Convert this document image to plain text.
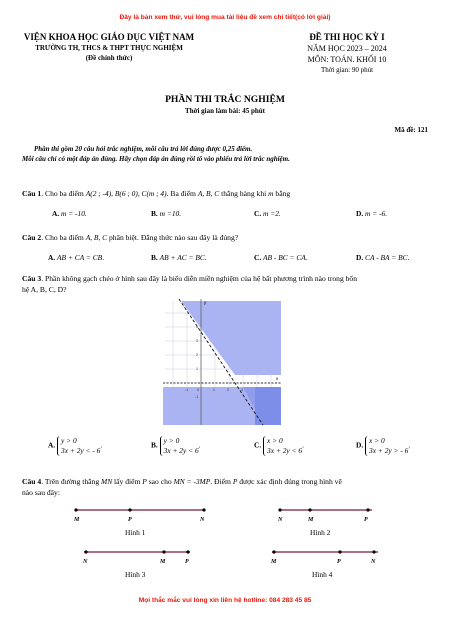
Đây là bản xem thử, vui lòng mua tài liệu đề xem chi tiết(có lời giải)
VIỆN KHOA HỌC GIÁO DỤC VIỆT NAM
TRƯỜNG TH, THCS & THPT THỰC NGHIỆM
(Đề chính thức)
ĐỀ THI HỌC KỲ I
NĂM HỌC 2023 – 2024
MÔN: TOÁN. KHỐI 10
Thời gian: 90 phút
PHẦN THI TRẮC NGHIỆM
Thời gian làm bài: 45 phút
Mã đề: 121
Phần thi gồm 20 câu hỏi trắc nghiệm, mỗi câu trả lời đúng được 0,25 điểm.
Mỗi câu chỉ có một đáp án đúng. Hãy chọn đáp án đúng rồi tô vào phiếu trả lời trắc nghiệm.
Câu 1. Cho ba điểm A(2 ; -4), B(6 ; 0), C(m ; 4). Ba điểm A, B, C thẳng hàng khi m bằng
A. m = -10.	B. m =10.	C. m =2.	D. m = -6.
Câu 2. Cho ba điểm A, B, C phân biệt. Đẳng thức nào sau đây là đúng?
A. AB + CA = CB.	B. AB + AC = BC.	C. AB - BC = CA.	D. CA - BA = BC.
Câu 3. Phần không gạch chéo ở hình sau đây là biểu diễn miền nghiệm của hệ bất phương trình nào trong bốn
hệ A, B, C, D?
y
x
-1 0	1	2	3
4
3
2
1
-1
A. y > 0
3x + 2y < - 6.	B. y > 0
3x + 2y < 6.	C. x > 0
3x + 2y < 6.	D. x > 0
3x + 2y > - 6.
Câu 4. Trên đường thẳng MN lấy điểm P sao cho MN = -3MP. Điểm P được xác định đúng trong hình vẽ
nào sau đây:
M	P	N
Hình 1
N	M	P
Hình 2
N	M	P
Hình 3
M	P	N
Hình 4
Mọi thắc mắc vui lòng xin liên hệ hotline: 084 283 45 85
